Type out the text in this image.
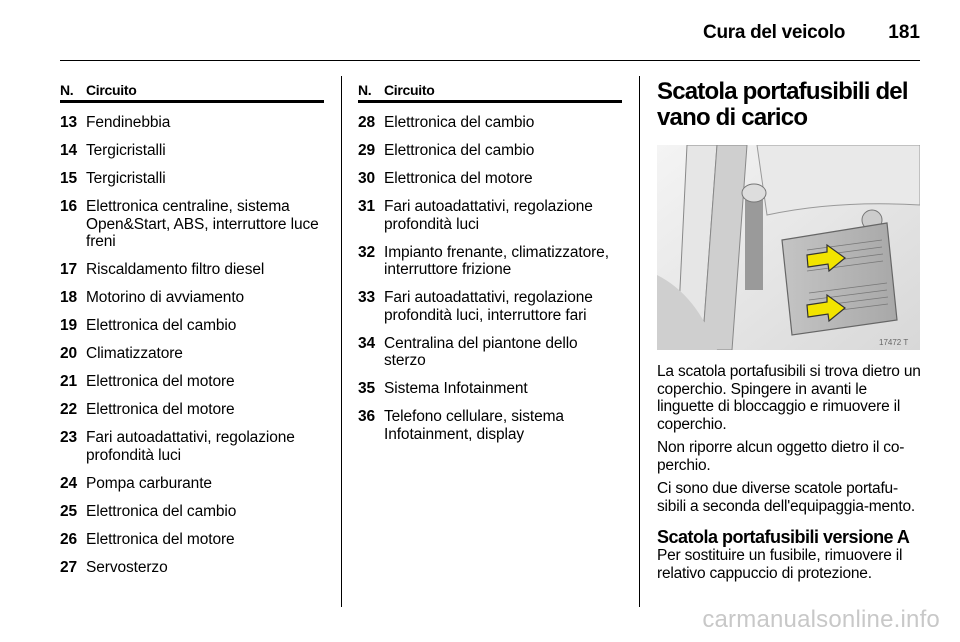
Cura del veicolo	181
N. Circuito
13 Fendinebbia
14 Tergicristalli
15 Tergicristalli
16 Elettronica centraline, sistema Open&Start, ABS, interruttore luce freni
17 Riscaldamento filtro diesel
18 Motorino di avviamento
19 Elettronica del cambio
20 Climatizzatore
21 Elettronica del motore
22 Elettronica del motore
23 Fari autoadattativi, regolazione profondità luci
24 Pompa carburante
25 Elettronica del cambio
26 Elettronica del motore
27 Servosterzo
N. Circuito
28 Elettronica del cambio
29 Elettronica del cambio
30 Elettronica del motore
31 Fari autoadattativi, regolazione profondità luci
32 Impianto frenante, climatizzatore, interruttore frizione
33 Fari autoadattativi, regolazione profondità luci, interruttore fari
34 Centralina del piantone dello sterzo
35 Sistema Infotainment
36 Telefono cellulare, sistema Infotainment, display
Scatola portafusibili del vano di carico
17472 T

La scatola portafusibili si trova dietro un coperchio. Spingere in avanti le linguette di bloccaggio e rimuovere il coperchio.

Non riporre alcun oggetto dietro il co-perchio.

Ci sono due diverse scatole portafu-sibili a seconda dell'equipaggia-mento.

Scatola portafusibili versione A

Per sostituire un fusibile, rimuovere il relativo cappuccio di protezione.

carmanualsonline.info
